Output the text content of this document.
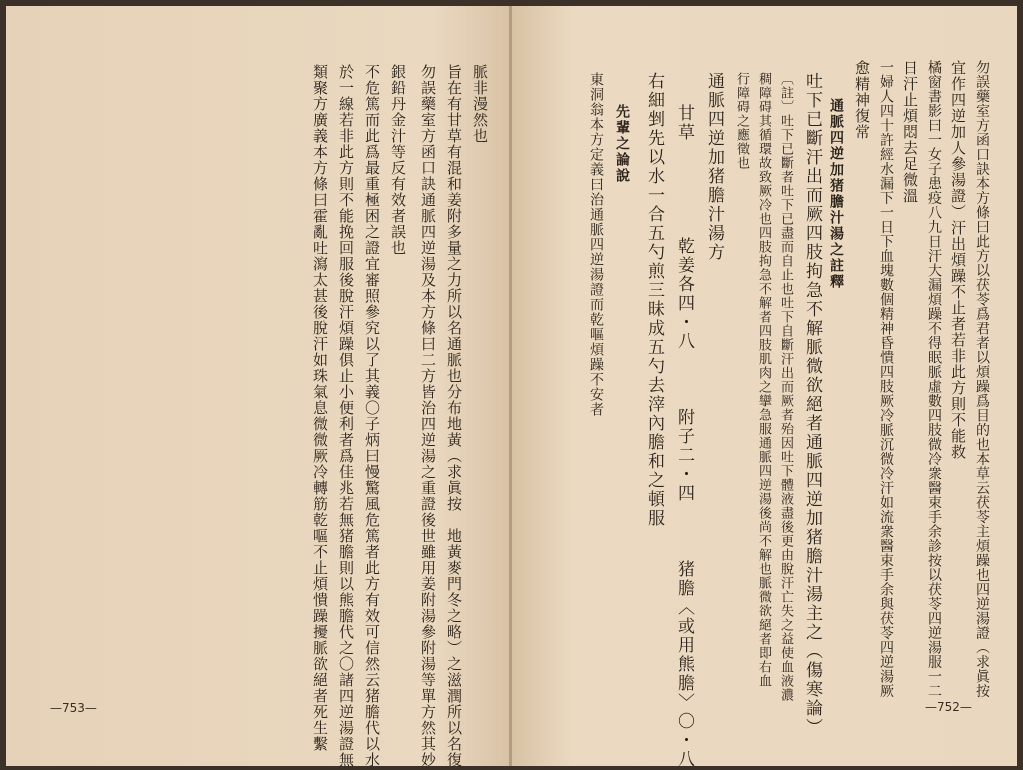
類聚方廣義本方條曰霍亂吐瀉太甚後脫汗如珠氣息微微厥冷轉筋乾嘔不止煩憒躁擾脈欲絕者死生繫 於一線若非此方則不能挽回服後脫汗煩躁俱止小便利者爲佳兆若無猪膽則以熊膽代之〇諸四逆湯證無 不危篤而此爲最重極困之證宜審照參究以了其義〇子炳曰慢驚風危篤者此方有效可信然云猪膽代以水 銀鉛丹金汁等反有效者誤也 勿誤藥室方函口訣通脈四逆湯及本方條曰二方皆治四逆湯之重證後世雖用姜附湯參附湯等單方然其妙 旨在有甘草有混和姜附多量之力所以名通脈也分布地黃（求眞按　地黃麥門冬之略）之滋潤所以名復 脈非漫然也
—753—
勿誤藥室方函口訣本方條曰此方以茯苓爲君者以煩躁爲目的也本草云茯苓主煩躁也四逆湯證（求眞按
宜作四逆加人參湯證）汗出煩躁不止者若非此方則不能救
橘窗書影曰一女子患疫八九日汗大漏煩躁不得眠脈虛數四肢微冷衆醫束手余診按以茯苓四逆湯服一二
日汗止煩悶去足微溫
一婦人四十許經水漏下一日下血塊數個精神昏憒四肢厥冷脈沉微冷汗如流衆醫束手余與茯苓四逆湯厥
愈精神復常
通脈四逆加猪膽汁湯之註釋
吐下已斷汗出而厥四肢拘急不解脈微欲絕者通脈四逆加猪膽汁湯主之（傷寒論）
〔註〕吐下已斷者吐下已盡而自止也吐下自斷汗出而厥者殆因吐下體液盡後更由脫汗亡失之益使血液濃
稠障碍其循環故致厥冷也四肢拘急不解者四肢肌肉之攣急服通脈四逆湯後尚不解也脈微欲絕者即右血
行障碍之應徵也
通脈四逆加猪膽汁湯方
甘草　　　　　乾姜各四・八　　　附子二・四　　　猪膽〈或用熊膽〉〇・八
右細剉先以水一合五勺煎三昧成五勺去滓內膽和之頓服
先輩之論說
東洞翁本方定義曰治通脈四逆湯證而乾嘔煩躁不安者
—752—
